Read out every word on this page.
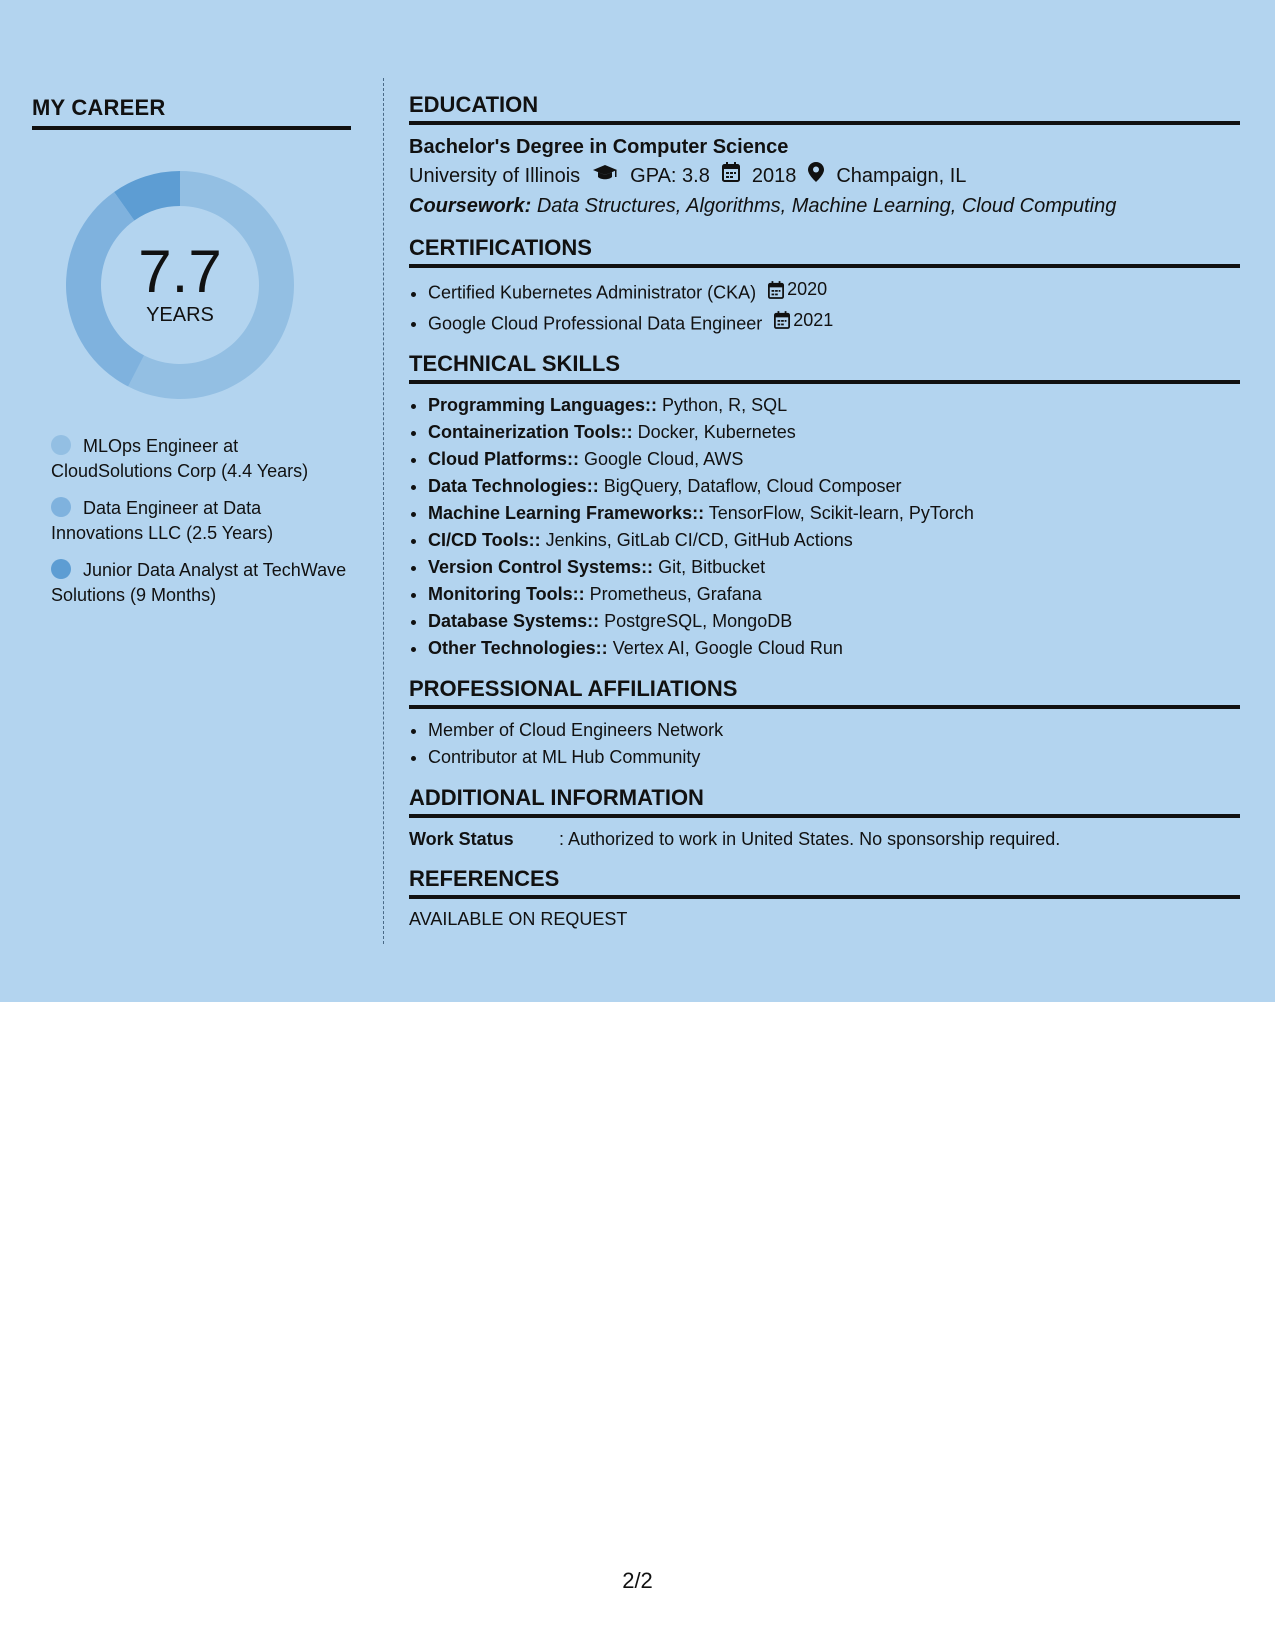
MY CAREER
7.7
YEARS
MLOps Engineer at CloudSolutions Corp (4.4 Years)
Data Engineer at Data Innovations LLC (2.5 Years)
Junior Data Analyst at TechWave Solutions (9 Months)
EDUCATION
Bachelor's Degree in Computer Science
University of Illinois	GPA: 3.8 2018 Champaign, IL
Coursework: Data Structures, Algorithms, Machine Learning, Cloud Computing
CERTIFICATIONS
• Certified Kubernetes Administrator (CKA) 2020
• Google Cloud Professional Data Engineer 2021
TECHNICAL SKILLS
• Programming Languages:: Python, R, SQL
• Containerization Tools:: Docker, Kubernetes
• Cloud Platforms:: Google Cloud, AWS
• Data Technologies:: BigQuery, Dataflow, Cloud Composer
• Machine Learning Frameworks:: TensorFlow, Scikit-learn, PyTorch
• CI/CD Tools:: Jenkins, GitLab CI/CD, GitHub Actions
• Version Control Systems:: Git, Bitbucket
• Monitoring Tools:: Prometheus, Grafana
• Database Systems:: PostgreSQL, MongoDB
• Other Technologies:: Vertex AI, Google Cloud Run
PROFESSIONAL AFFILIATIONS
• Member of Cloud Engineers Network
• Contributor at ML Hub Community
ADDITIONAL INFORMATION
Work Status	: Authorized to work in United States. No sponsorship required.
REFERENCES
AVAILABLE ON REQUEST
2/2
